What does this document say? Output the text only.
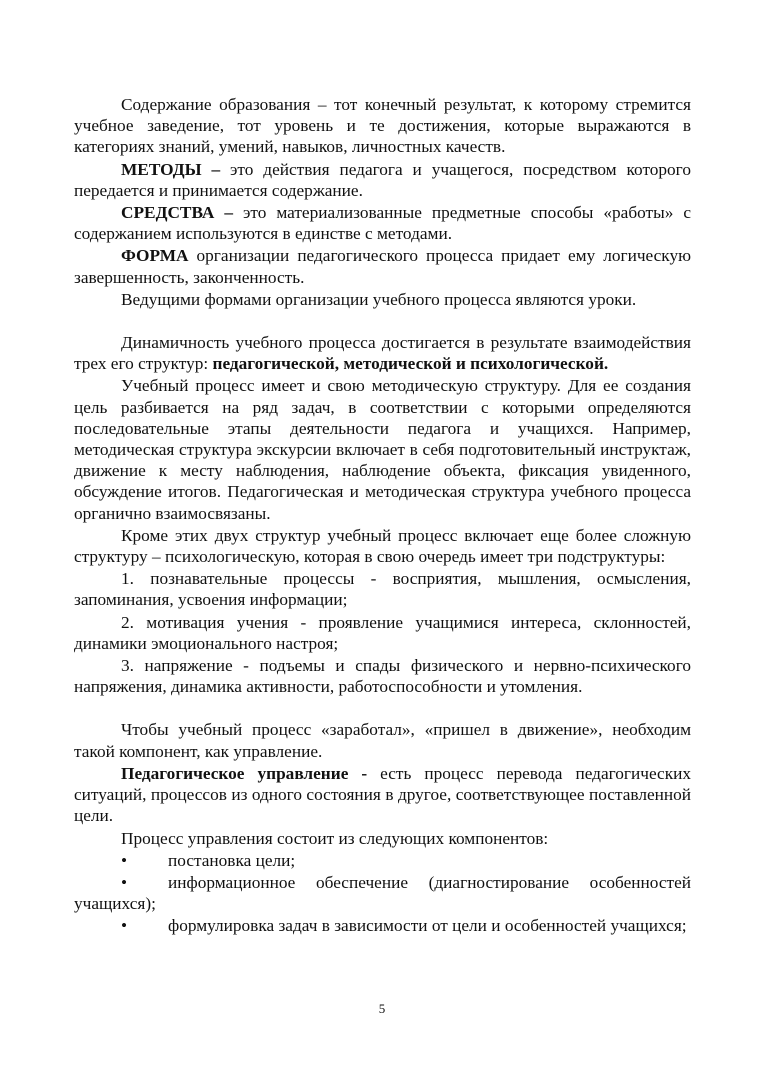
Содержание образования – тот конечный результат, к которому стремится учебное заведение, тот уровень и те достижения, которые выражаются в категориях знаний, умений, навыков, личностных качеств.

МЕТОДЫ – это действия педагога и учащегося, посредством которого передается и принимается содержание.

СРЕДСТВА – это материализованные предметные способы «работы» с содержанием используются в единстве с методами.

ФОРМА организации педагогического процесса придает ему логическую завершенность, законченность.

Ведущими формами организации учебного процесса являются уроки.

Динамичность учебного процесса достигается в результате взаимодействия трех его структур: педагогической, методической и психологической.

Учебный процесс имеет и свою методическую структуру. Для ее создания цель разбивается на ряд задач, в соответствии с которыми определяются последовательные этапы деятельности педагога и учащихся. Например, методическая структура экскурсии включает в себя подготовительный инструктаж, движение к месту наблюдения, наблюдение объекта, фиксация увиденного, обсуждение итогов. Педагогическая и методическая структура учебного процесса органично взаимосвязаны.

Кроме этих двух структур учебный процесс включает еще более сложную структуру – психологическую, которая в свою очередь имеет три подструктуры:

1. познавательные процессы - восприятия, мышления, осмысления, запоминания, усвоения информации;

2. мотивация учения - проявление учащимися интереса, склонностей, динамики эмоционального настроя;

3. напряжение - подъемы и спады физического и нервно-психического напряжения, динамика активности, работоспособности и утомления.

Чтобы учебный процесс «заработал», «пришел в движение», необходим такой компонент, как управление.

Педагогическое управление - есть процесс перевода педагогических ситуаций, процессов из одного состояния в другое, соответствующее поставленной цели.

Процесс управления состоит из следующих компонентов:

• постановка цели;

• информационное обеспечение (диагностирование особенностей учащихся);

• формулировка задач в зависимости от цели и особенностей учащихся;

5
